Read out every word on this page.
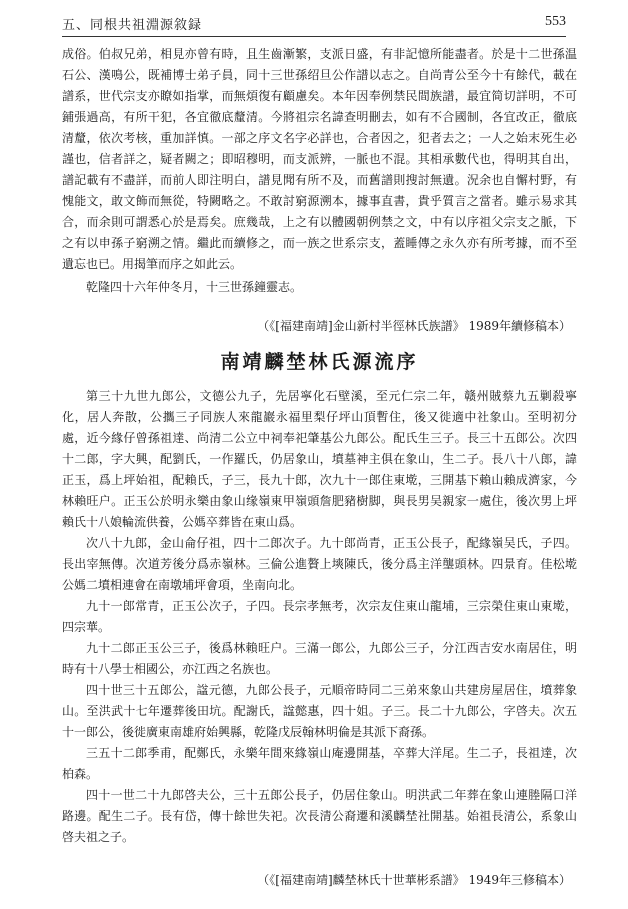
五、同根共祖淵源敘録	553

成俗。伯叔兄弟，相見亦曾有時，且生齒漸繁，支派日盛，有非記憶所能盡者。於是十二世孫温石公、漢鳴公，既補博士弟子員，同十三世孫绍旦公作譜以志之。自尚青公至今十有餘代，載在譜系，世代宗支亦瞭如指掌，而無煩復有顧慮矣。本年因奉例禁民間族譜，最宜简切詳明，不可鋪張過高，有所干犯，各宜徹底釐清。今將祖宗名諱查明刪去，如有不合國制，各宜改正，徹底清釐，依次考核，重加詳慎。一部之序文名字必詳也，合者因之，犯者去之；一人之始末死生必謹也，信者詳之，疑者闕之；即昭穆明，而支派辨，一脈也不混。其相承數代也，得明其自出，譜記載有不盡詳，而前人即注明白，譜見聞有所不及，而舊譜則搜討無遺。況余也自懈村野，有愧能文，敢文飾而無從，特闕略之。不敢討窮源溯本，據事直書，貴乎質言之當者。雖示易求其合，而余則可謂悉心於是焉矣。庶幾哉，上之有以體國朝例禁之文，中有以序祖父宗支之脈，下之有以申孫子窮溯之情。繼此而續修之，而一族之世系宗支，蓋睡傳之永久亦有所考據，而不至遺忘也已。用揭筆而序之如此云。

乾隆四十六年仲冬月，十三世孫鐘靈志。

（《[福建南靖]金山新村半徑林氏族譜》 1989年續修稿本）
南靖麟埜林氏源流序

第三十九世九郎公，文德公九子，先居寧化石壁溪，至元仁宗二年，赣州賊蔡九五剿殺寧化，居人奔散，公攜三子同族人來龍巖永福里梨仔坪山頂暫住，後又徙適中社象山。至明初分處，近今緣仔曾孫祖達、尚清二公立中祠奉祀肇基公九郎公。配氏生三子。長三十五郎公。次四十二郎，字大興，配劉氏，一作羅氏，仍居象山，墳墓神主俱在象山，生二子。長八十八郎，諱正玉，爲上坪始祖，配賴氏，子三，長九十郎，次九十一郎住東墘，三開基下賴山賴成濟家，今林賴旺户。正玉公於明永樂由象山缘嶺東甲嶺頭詹肥豬樹脚，與長男吴親家一處住，後次男上坪賴氏十八娘輪流供養，公媽卒葬皆在東山爲。

次八十九郎，金山侖仔祖，四十二郎次子。九十郎尚青，正玉公長子，配緣嶺吴氏，子四。長出宰無傳。次道芳後分爲赤嶺林。三倫公進贅上塽陳氏，後分爲主洋壟頭林。四景育。佳松墘公媽二墳相連會在南墩埔坪會項，坐南向北。

九十一郎常青，正玉公次子，子四。長宗孝無考，次宗友住東山龍埔，三宗榮住東山東墘，四宗華。

九十二郎正玉公三子，後爲林賴旺户。三滿一郎公，九郎公三子，分江西吉安水南居住，明時有十八學士相國公，亦江西之名族也。

四十世三十五郎公，諡元德，九郎公長子，元順帝時同二三弟來象山共建房屋居住，墳葬象山。至洪武十七年遷葬後田坑。配謝氏，諡懿惠，四十姐。子三。長二十九郎公，字啓夫。次五十一郎公，後徙廣東南雄府始興縣，乾隆戊辰翰林明倫是其派下裔孫。

三五十二郎季甫，配鄭氏，永樂年間來緣嶺山庵邊開基，卒葬大洋尾。生二子，長祖達，次柏森。

四十一世二十九郎啓夫公，三十五郎公長子，仍居住象山。明洪武二年葬在象山連塍隔口洋路邊。配生二子。長有岱，傳十餘世失祀。次長清公裔遷和溪麟埜社開基。始祖長清公，系象山啓夫祖之子。

（《[福建南靖]麟埜林氏十世華彬系譜》 1949年三修稿本）
